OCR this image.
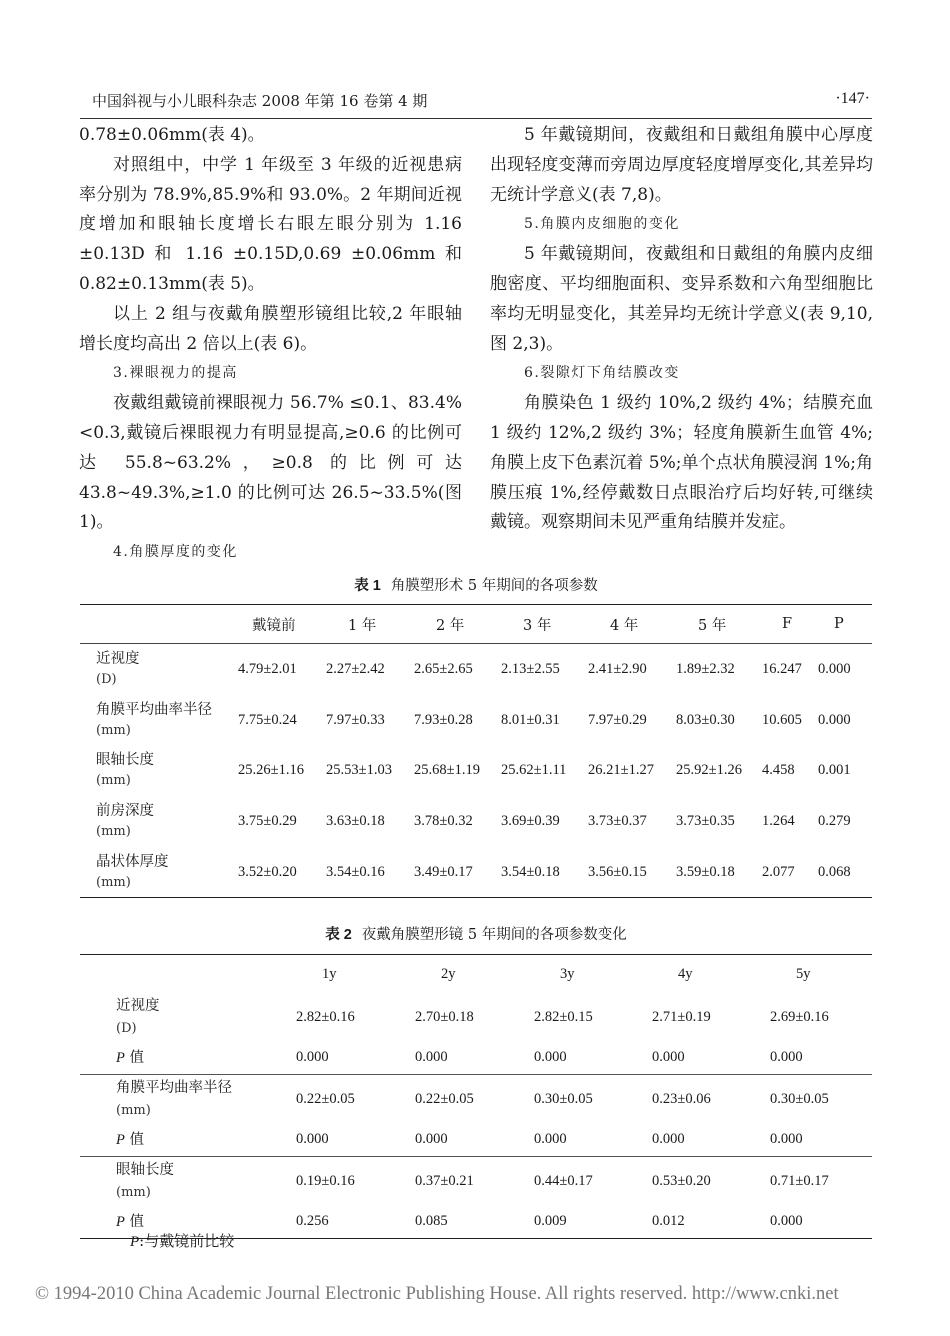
中国斜视与小儿眼科杂志 2008 年第 16 卷第 4 期	·147·

0.78±0.06mm(表 4)。

对照组中，中学 1 年级至 3 年级的近视患病率分别为 78.9%,85.9%和 93.0%。2 年期间近视度增加和眼轴长度增长右眼左眼分别为 1.16 ±0.13D 和 1.16 ±0.15D,0.69 ±0.06mm 和 0.82±0.13mm(表 5)。

以上 2 组与夜戴角膜塑形镜组比较,2 年眼轴增长度均高出 2 倍以上(表 6)。

3.裸眼视力的提高

夜戴组戴镜前裸眼视力 56.7% ≤0.1、83.4%<0.3,戴镜后裸眼视力有明显提高,≥0.6 的比例可达 55.8~63.2%，≥0.8 的比例可达 43.8~49.3%,≥1.0 的比例可达 26.5~33.5%(图 1)。

4.角膜厚度的变化

5 年戴镜期间，夜戴组和日戴组角膜中心厚度出现轻度变薄而旁周边厚度轻度增厚变化,其差异均无统计学意义(表 7,8)。

5.角膜内皮细胞的变化

5 年戴镜期间，夜戴组和日戴组的角膜内皮细胞密度、平均细胞面积、变异系数和六角型细胞比率均无明显变化，其差异均无统计学意义(表 9,10,图 2,3)。

6.裂隙灯下角结膜改变

角膜染色 1 级约 10%,2 级约 4%；结膜充血 1 级约 12%,2 级约 3%；轻度角膜新生血管 4%;角膜上皮下色素沉着 5%;单个点状角膜浸润 1%;角膜压痕 1%,经停戴数日点眼治疗后均好转,可继续戴镜。观察期间未见严重角结膜并发症。

表 1 角膜塑形术 5 年期间的各项参数
	戴镜前	1 年	2 年	3 年	4 年	5 年	F	P
近视度
(D)	4.79±2.01	2.27±2.42	2.65±2.65	2.13±2.55	2.41±2.90	1.89±2.32	16.247	0.000
角膜平均曲率半径
(mm)	7.75±0.24	7.97±0.33	7.93±0.28	8.01±0.31	7.97±0.29	8.03±0.30	10.605	0.000
眼轴长度
(mm)	25.26±1.16	25.53±1.03	25.68±1.19	25.62±1.11	26.21±1.27	25.92±1.26	4.458	0.001
前房深度
(mm)	3.75±0.29	3.63±0.18	3.78±0.32	3.69±0.39	3.73±0.37	3.73±0.35	1.264	0.279
晶状体厚度
(mm)	3.52±0.20	3.54±0.16	3.49±0.17	3.54±0.18	3.56±0.15	3.59±0.18	2.077	0.068
表 2 夜戴角膜塑形镜 5 年期间的各项参数变化
	1y	2y	3y	4y	5y
近视度
(D)	2.82±0.16	2.70±0.18	2.82±0.15	2.71±0.19	2.69±0.16
P 值	0.000	0.000	0.000	0.000	0.000
角膜平均曲率半径
(mm)	0.22±0.05	0.22±0.05	0.30±0.05	0.23±0.06	0.30±0.05
P 值	0.000	0.000	0.000	0.000	0.000
眼轴长度
(mm)	0.19±0.16	0.37±0.21	0.44±0.17	0.53±0.20	0.71±0.17
P 值	0.256	0.085	0.009	0.012	0.000
P:与戴镜前比较
© 1994-2010 China Academic Journal Electronic Publishing House. All rights reserved. http://www.cnki.net
